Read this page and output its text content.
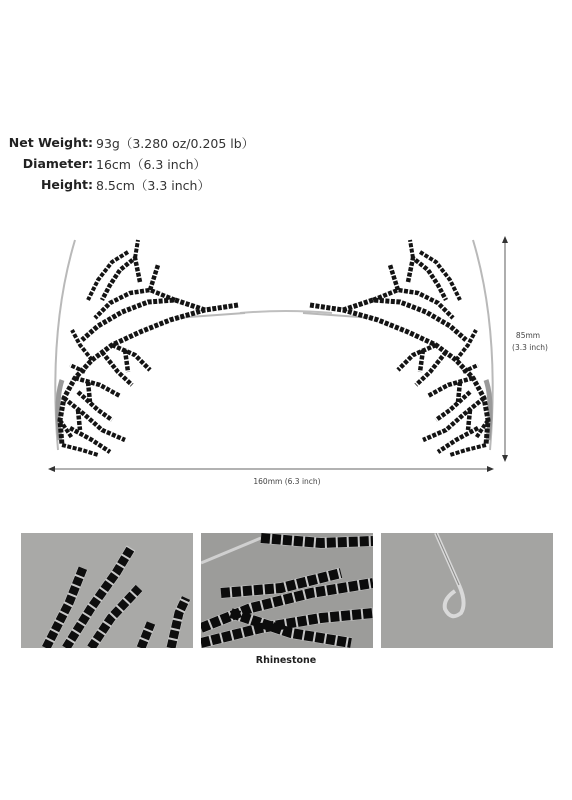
Net Weight: 93g（3.280 oz/0.205 lb）
Diameter: 16cm（6.3 inch）
Height: 8.5cm（3.3 inch）
85mm
(3.3 inch)
160mm (6.3 inch)
Rhinestone
